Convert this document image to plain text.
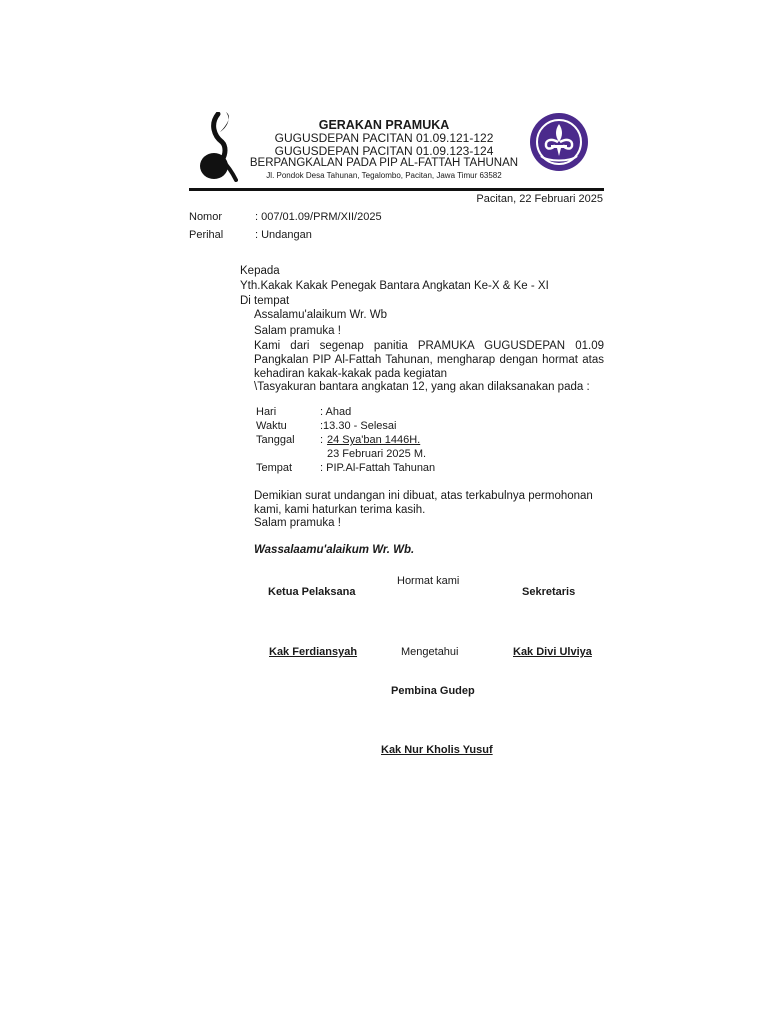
GERAKAN PRAMUKA
GUGUSDEPAN PACITAN 01.09.121-122
GUGUSDEPAN PACITAN 01.09.123-124
BERPANGKALAN PADA PIP AL-FATTAH TAHUNAN
Jl. Pondok Desa Tahunan, Tegalombo, Pacitan, Jawa Timur 63582
Pacitan, 22 Februari 2025
Nomor	: 007/01.09/PRM/XII/2025
Perihal	: Undangan
Kepada
Yth.Kakak Kakak Penegak Bantara Angkatan Ke-X & Ke - XI
Di tempat
Assalamu'alaikum Wr. Wb
Salam pramuka !
Kami dari segenap panitia PRAMUKA GUGUSDEPAN 01.09 Pangkalan PIP Al-Fattah Tahunan, mengharap dengan hormat atas kehadiran kakak-kakak pada kegiatan
\Tasyakuran bantara angkatan 12, yang akan dilaksanakan pada :
Hari	: Ahad
Waktu	:13.30 - Selesai
Tanggal : 24 Sya'ban 1446H.
23 Februari 2025 M.
Tempat	: PIP.Al-Fattah Tahunan
Demikian surat undangan ini dibuat, atas terkabulnya permohonan
kami, kami haturkan terima kasih.
Salam pramuka !
Wassalaamu'alaikum Wr. Wb.
Hormat kami
Ketua Pelaksana	Sekretaris
Kak Ferdiansyah	Mengetahui	Kak Divi Ulviya
Pembina Gudep
Kak Nur Kholis Yusuf
